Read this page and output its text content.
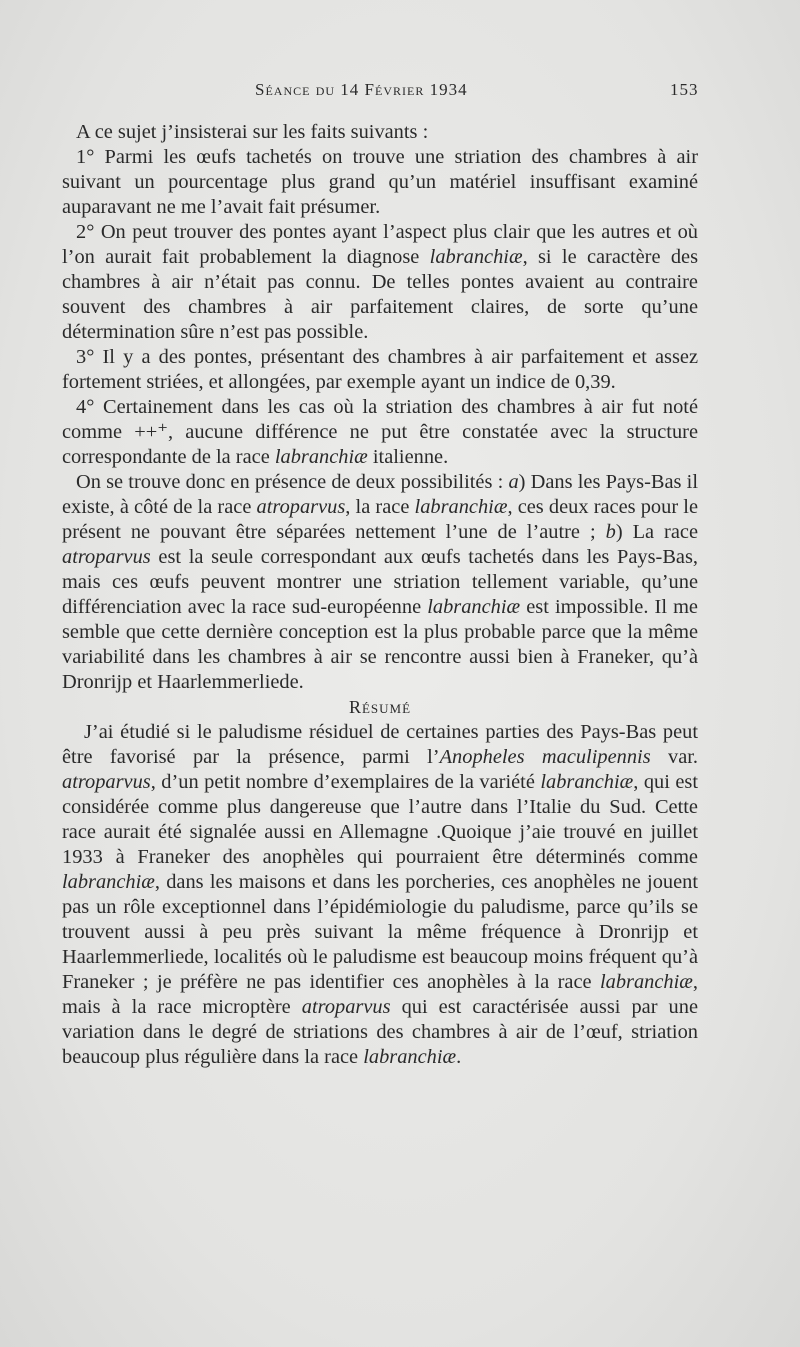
Séance du 14 Février 1934	153

A ce sujet j’insisterai sur les faits suivants :

1° Parmi les œufs tachetés on trouve une striation des chambres à air suivant un pourcentage plus grand qu’un matériel insuffisant examiné auparavant ne me l’avait fait présumer.

2° On peut trouver des pontes ayant l’aspect plus clair que les autres et où l’on aurait fait probablement la diagnose labranchiæ, si le caractère des chambres à air n’était pas connu. De telles pontes avaient au contraire souvent des chambres à air parfaitement claires, de sorte qu’une détermination sûre n’est pas possible.

3° Il y a des pontes, présentant des chambres à air parfaitement et assez fortement striées, et allongées, par exemple ayant un indice de 0,39.

4° Certainement dans les cas où la striation des chambres à air fut noté comme ++⁺, aucune différence ne put être constatée avec la structure correspondante de la race labranchiæ italienne.

On se trouve donc en présence de deux possibilités : a) Dans les Pays-Bas il existe, à côté de la race atroparvus, la race labranchiæ, ces deux races pour le présent ne pouvant être séparées nettement l’une de l’autre ; b) La race atroparvus est la seule correspondant aux œufs tachetés dans les Pays-Bas, mais ces œufs peuvent montrer une striation tellement variable, qu’une différenciation avec la race sud-européenne labranchiæ est impossible. Il me semble que cette dernière conception est la plus probable parce que la même variabilité dans les chambres à air se rencontre aussi bien à Franeker, qu’à Dronrijp et Haarlemmerliede.

Résumé

J’ai étudié si le paludisme résiduel de certaines parties des Pays-Bas peut être favorisé par la présence, parmi l’Anopheles maculipennis var. atroparvus, d’un petit nombre d’exemplaires de la variété labranchiæ, qui est considérée comme plus dangereuse que l’autre dans l’Italie du Sud. Cette race aurait été signalée aussi en Allemagne .Quoique j’aie trouvé en juillet 1933 à Franeker des anophèles qui pourraient être déterminés comme labranchiæ, dans les maisons et dans les porcheries, ces anophèles ne jouent pas un rôle exceptionnel dans l’épidémiologie du paludisme, parce qu’ils se trouvent aussi à peu près suivant la même fréquence à Dronrijp et Haarlemmerliede, localités où le paludisme est beaucoup moins fréquent qu’à Franeker ; je préfère ne pas identifier ces anophèles à la race labranchiæ, mais à la race microptère atroparvus qui est caractérisée aussi par une variation dans le degré de striations des chambres à air de l’œuf, striation beaucoup plus régulière dans la race labranchiæ.
